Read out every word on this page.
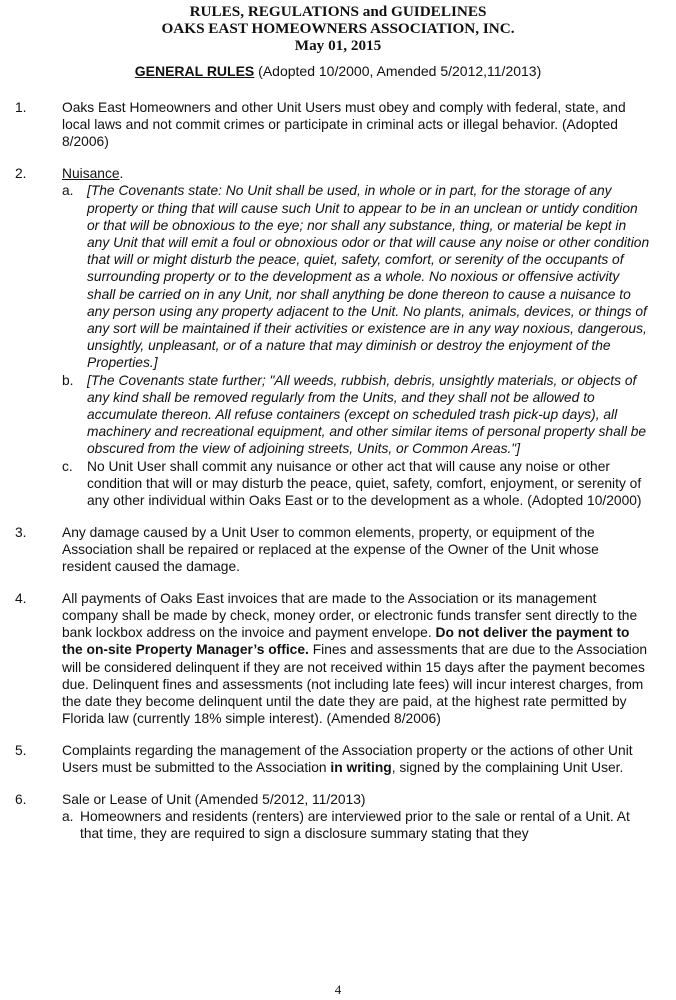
RULES, REGULATIONS and GUIDELINES
OAKS EAST HOMEOWNERS ASSOCIATION, INC.
May 01, 2015
GENERAL RULES (Adopted 10/2000, Amended 5/2012,11/2013)
1.	Oaks East Homeowners and other Unit Users must obey and comply with federal, state, and local laws and not commit crimes or participate in criminal acts or illegal behavior. (Adopted 8/2006)
2.	Nuisance.
a. [The Covenants state: No Unit shall be used, in whole or in part, for the storage of any property or thing that will cause such Unit to appear to be in an unclean or untidy condition or that will be obnoxious to the eye; nor shall any substance, thing, or material be kept in any Unit that will emit a foul or obnoxious odor or that will cause any noise or other condition that will or might disturb the peace, quiet, safety, comfort, or serenity of the occupants of surrounding property or to the development as a whole. No noxious or offensive activity shall be carried on in any Unit, nor shall anything be done thereon to cause a nuisance to any person using any property adjacent to the Unit. No plants, animals, devices, or things of any sort will be maintained if their activities or existence are in any way noxious, dangerous, unsightly, unpleasant, or of a nature that may diminish or destroy the enjoyment of the Properties.]
b. [The Covenants state further; "All weeds, rubbish, debris, unsightly materials, or objects of any kind shall be removed regularly from the Units, and they shall not be allowed to accumulate thereon. All refuse containers (except on scheduled trash pick-up days), all machinery and recreational equipment, and other similar items of personal property shall be obscured from the view of adjoining streets, Units, or Common Areas."]
c. No Unit User shall commit any nuisance or other act that will cause any noise or other condition that will or may disturb the peace, quiet, safety, comfort, enjoyment, or serenity of any other individual within Oaks East or to the development as a whole. (Adopted 10/2000)
3.	Any damage caused by a Unit User to common elements, property, or equipment of the Association shall be repaired or replaced at the expense of the Owner of the Unit whose resident caused the damage.
4.	All payments of Oaks East invoices that are made to the Association or its management company shall be made by check, money order, or electronic funds transfer sent directly to the bank lockbox address on the invoice and payment envelope. Do not deliver the payment to the on-site Property Manager’s office. Fines and assessments that are due to the Association will be considered delinquent if they are not received within 15 days after the payment becomes due. Delinquent fines and assessments (not including late fees) will incur interest charges, from the date they become delinquent until the date they are paid, at the highest rate permitted by Florida law (currently 18% simple interest). (Amended 8/2006)
5.	Complaints regarding the management of the Association property or the actions of other Unit Users must be submitted to the Association in writing, signed by the complaining Unit User.
6.	Sale or Lease of Unit (Amended 5/2012, 11/2013)
a. Homeowners and residents (renters) are interviewed prior to the sale or rental of a Unit. At that time, they are required to sign a disclosure summary stating that they
4
